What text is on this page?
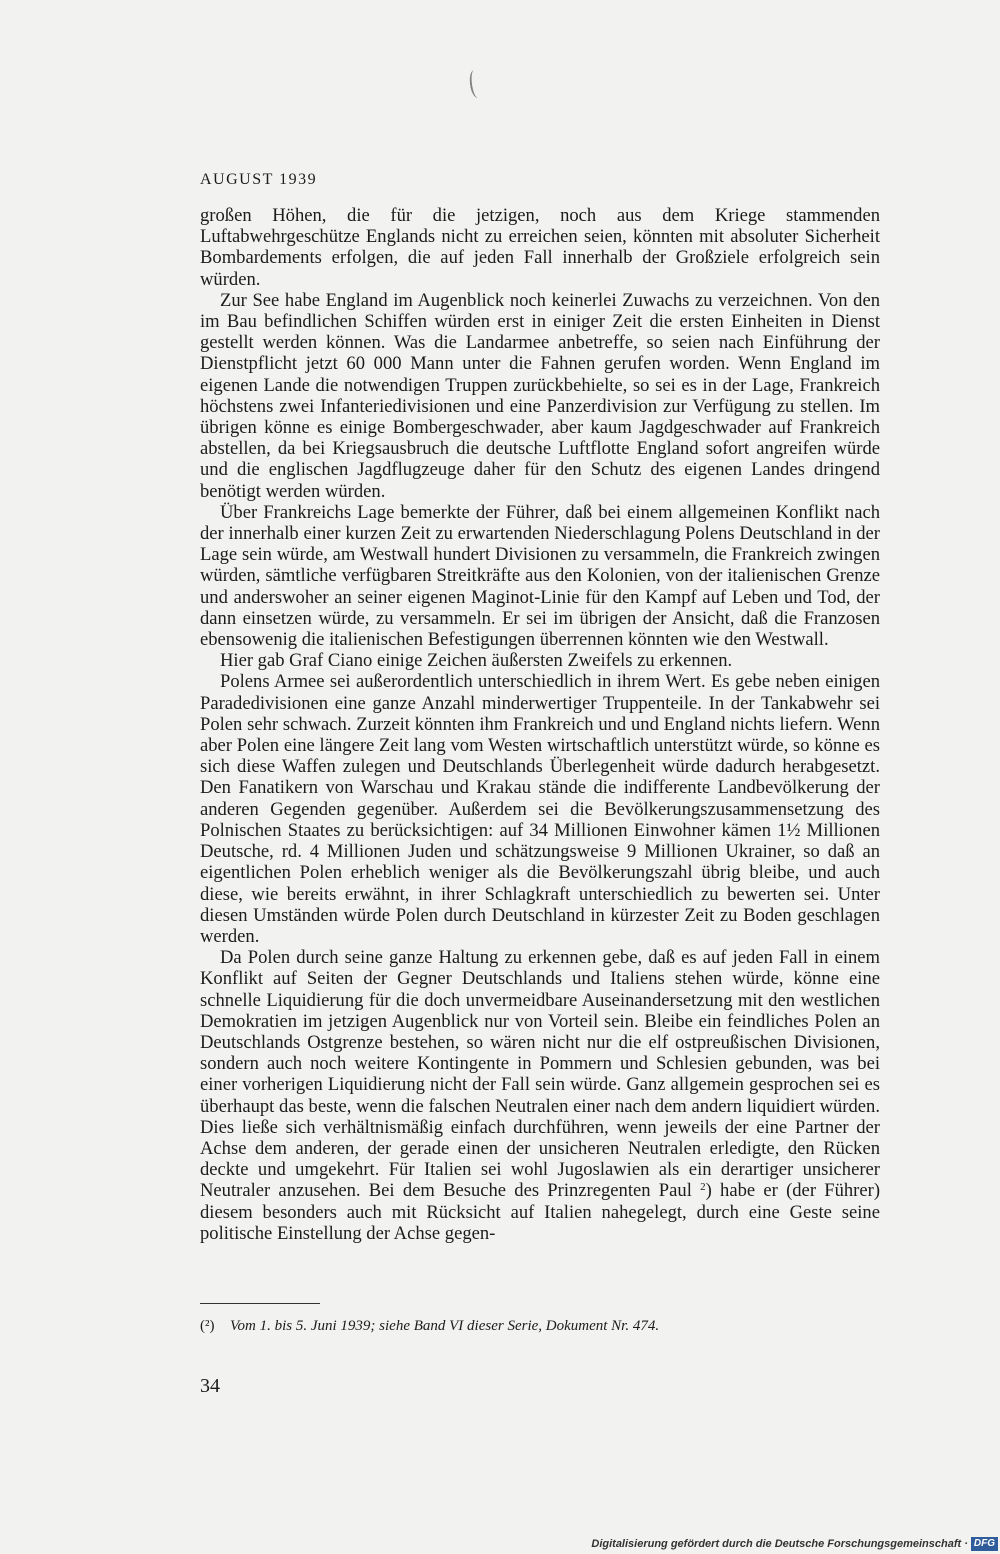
AUGUST 1939

großen Höhen, die für die jetzigen, noch aus dem Kriege stammenden Luftabwehrgeschütze Englands nicht zu erreichen seien, könnten mit absoluter Sicherheit Bombardements erfolgen, die auf jeden Fall innerhalb der Großziele erfolgreich sein würden.

Zur See habe England im Augenblick noch keinerlei Zuwachs zu verzeichnen. Von den im Bau befindlichen Schiffen würden erst in einiger Zeit die ersten Einheiten in Dienst gestellt werden können. Was die Landarmee anbetreffe, so seien nach Einführung der Dienstpflicht jetzt 60 000 Mann unter die Fahnen gerufen worden. Wenn England im eigenen Lande die notwendigen Truppen zurückbehielte, so sei es in der Lage, Frankreich höchstens zwei Infanteriedivisionen und eine Panzerdivision zur Verfügung zu stellen. Im übrigen könne es einige Bombergeschwader, aber kaum Jagdgeschwader auf Frankreich abstellen, da bei Kriegsausbruch die deutsche Luftflotte England sofort angreifen würde und die englischen Jagdflugzeuge daher für den Schutz des eigenen Landes dringend benötigt werden würden.

Über Frankreichs Lage bemerkte der Führer, daß bei einem allgemeinen Konflikt nach der innerhalb einer kurzen Zeit zu erwartenden Niederschlagung Polens Deutschland in der Lage sein würde, am Westwall hundert Divisionen zu versammeln, die Frankreich zwingen würden, sämtliche verfügbaren Streitkräfte aus den Kolonien, von der italienischen Grenze und anderswoher an seiner eigenen Maginot-Linie für den Kampf auf Leben und Tod, der dann einsetzen würde, zu versammeln. Er sei im übrigen der Ansicht, daß die Franzosen ebensowenig die italienischen Befestigungen überrennen könnten wie den Westwall.

Hier gab Graf Ciano einige Zeichen äußersten Zweifels zu erkennen.

Polens Armee sei außerordentlich unterschiedlich in ihrem Wert. Es gebe neben einigen Paradedivisionen eine ganze Anzahl minderwertiger Truppenteile. In der Tankabwehr sei Polen sehr schwach. Zurzeit könnten ihm Frankreich und und England nichts liefern. Wenn aber Polen eine längere Zeit lang vom Westen wirtschaftlich unterstützt würde, so könne es sich diese Waffen zulegen und Deutschlands Überlegenheit würde dadurch herabgesetzt. Den Fanatikern von Warschau und Krakau stände die indifferente Landbevölkerung der anderen Gegenden gegenüber. Außerdem sei die Bevölkerungszusammensetzung des Polnischen Staates zu berücksichtigen: auf 34 Millionen Einwohner kämen 1½ Millionen Deutsche, rd. 4 Millionen Juden und schätzungsweise 9 Millionen Ukrainer, so daß an eigentlichen Polen erheblich weniger als die Bevölkerungszahl übrig bleibe, und auch diese, wie bereits erwähnt, in ihrer Schlagkraft unterschiedlich zu bewerten sei. Unter diesen Umständen würde Polen durch Deutschland in kürzester Zeit zu Boden geschlagen werden.

Da Polen durch seine ganze Haltung zu erkennen gebe, daß es auf jeden Fall in einem Konflikt auf Seiten der Gegner Deutschlands und Italiens stehen würde, könne eine schnelle Liquidierung für die doch unvermeidbare Auseinandersetzung mit den westlichen Demokratien im jetzigen Augenblick nur von Vorteil sein. Bleibe ein feindliches Polen an Deutschlands Ostgrenze bestehen, so wären nicht nur die elf ostpreußischen Divisionen, sondern auch noch weitere Kontingente in Pommern und Schlesien gebunden, was bei einer vorherigen Liquidierung nicht der Fall sein würde. Ganz allgemein gesprochen sei es überhaupt das beste, wenn die falschen Neutralen einer nach dem andern liquidiert würden. Dies ließe sich verhältnismäßig einfach durchführen, wenn jeweils der eine Partner der Achse dem anderen, der gerade einen der unsicheren Neutralen erledigte, den Rücken deckte und umgekehrt. Für Italien sei wohl Jugoslawien als ein derartiger unsicherer Neutraler anzusehen. Bei dem Besuche des Prinzregenten Paul $^2$) habe er (der Führer) diesem besonders auch mit Rücksicht auf Italien nahegelegt, durch eine Geste seine politische Einstellung der Achse gegen-

(²) Vom 1. bis 5. Juni 1939; siehe Band VI dieser Serie, Dokument Nr. 474.
34
Digitalisierung gefördert durch die Deutsche Forschungsgemeinschaft · DFG
